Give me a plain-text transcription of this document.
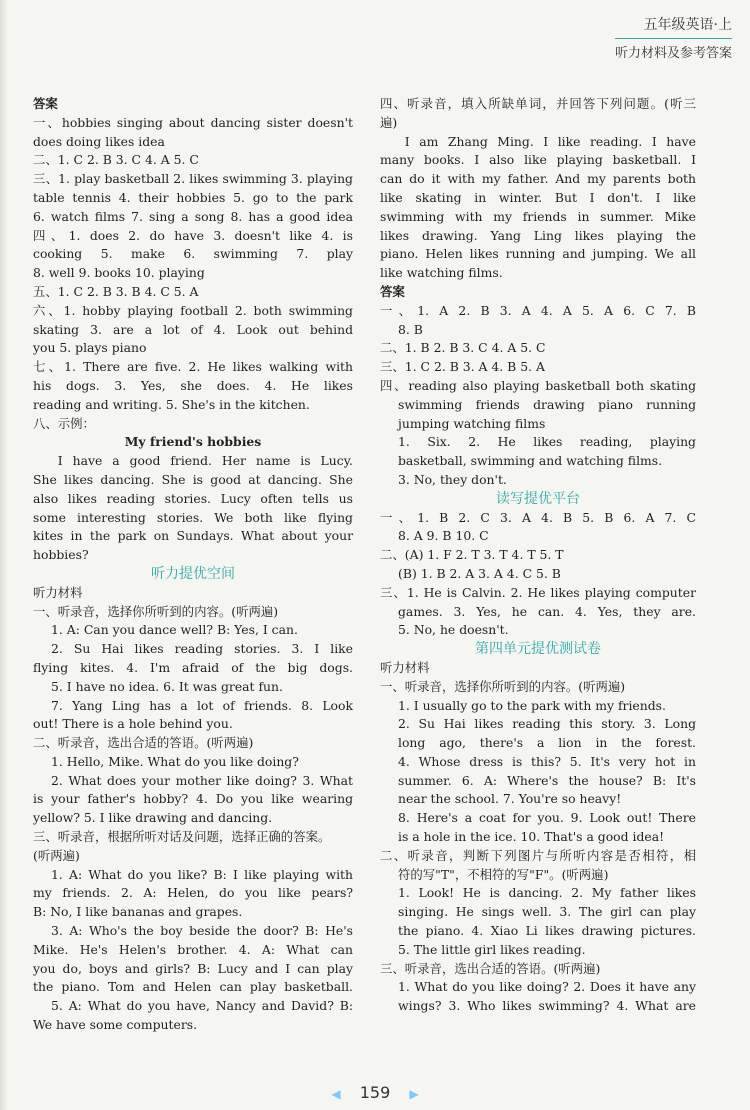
五年级英语·上
听力材料及参考答案

答案

一、hobbies singing about dancing sister doesn't

does doing likes idea

二、1. C 2. B 3. C 4. A 5. C

三、1. play basketball 2. likes swimming 3. playing

table tennis 4. their hobbies 5. go to the park

6. watch films 7. sing a song 8. has a good idea

四、1. does 2. do have 3. doesn't like 4. is

cooking 5. make 6. swimming 7. play

8. well 9. books 10. playing

五、1. C 2. B 3. B 4. C 5. A

六、1. hobby playing football 2. both swimming

skating 3. are a lot of 4. Look out behind

you 5. plays piano

七、1. There are five. 2. He likes walking with

his dogs. 3. Yes, she does. 4. He likes

reading and writing. 5. She's in the kitchen.

八、示例：

My friend's hobbies

I have a good friend. Her name is Lucy.

She likes dancing. She is good at dancing. She

also likes reading stories. Lucy often tells us

some interesting stories. We both like flying

kites in the park on Sundays. What about your

hobbies?

听力提优空间

听力材料

一、听录音，选择你所听到的内容。(听两遍)

1. A: Can you dance well? B: Yes, I can.

2. Su Hai likes reading stories. 3. I like

flying kites. 4. I'm afraid of the big dogs.

5. I have no idea. 6. It was great fun.

7. Yang Ling has a lot of friends. 8. Look

out! There is a hole behind you.

二、听录音，选出合适的答语。(听两遍)

1. Hello, Mike. What do you like doing?

2. What does your mother like doing? 3. What

is your father's hobby? 4. Do you like wearing

yellow? 5. I like drawing and dancing.

三、听录音，根据所听对话及问题，选择正确的答案。

(听两遍)

1. A: What do you like? B: I like playing with

my friends. 2. A: Helen, do you like pears?

B: No, I like bananas and grapes.

3. A: Who's the boy beside the door? B: He's

Mike. He's Helen's brother. 4. A: What can

you do, boys and girls? B: Lucy and I can play

the piano. Tom and Helen can play basketball.

5. A: What do you have, Nancy and David? B:

We have some computers.

四、听录音，填入所缺单词，并回答下列问题。(听三

遍)

I am Zhang Ming. I like reading. I have

many books. I also like playing basketball. I

can do it with my father. And my parents both

like skating in winter. But I don't. I like

swimming with my friends in summer. Mike

likes drawing. Yang Ling likes playing the

piano. Helen likes running and jumping. We all

like watching films.

答案

一、1. A 2. B 3. A 4. A 5. A 6. C 7. B

8. B

二、1. B 2. B 3. C 4. A 5. C

三、1. C 2. B 3. A 4. B 5. A

四、reading also playing basketball both skating

swimming friends drawing piano running

jumping watching films

1. Six. 2. He likes reading, playing

basketball, swimming and watching films.

3. No, they don't.

读写提优平台

一、1. B 2. C 3. A 4. B 5. B 6. A 7. C

8. A 9. B 10. C

二、(A) 1. F 2. T 3. T 4. T 5. T

(B) 1. B 2. A 3. A 4. C 5. B

三、1. He is Calvin. 2. He likes playing computer

games. 3. Yes, he can. 4. Yes, they are.

5. No, he doesn't.

第四单元提优测试卷

听力材料

一、听录音，选择你所听到的内容。(听两遍)

1. I usually go to the park with my friends.

2. Su Hai likes reading this story. 3. Long

long ago, there's a lion in the forest.

4. Whose dress is this? 5. It's very hot in

summer. 6. A: Where's the house? B: It's

near the school. 7. You're so heavy!

8. Here's a coat for you. 9. Look out! There

is a hole in the ice. 10. That's a good idea!

二、听录音，判断下列图片与所听内容是否相符，相

符的写"T"，不相符的写"F"。(听两遍)

1. Look! He is dancing. 2. My father likes

singing. He sings well. 3. The girl can play

the piano. 4. Xiao Li likes drawing pictures.

5. The little girl likes reading.

三、听录音，选出合适的答语。(听两遍)

1. What do you like doing? 2. Does it have any

wings? 3. Who likes swimming? 4. What are

◀ 159 ▶
